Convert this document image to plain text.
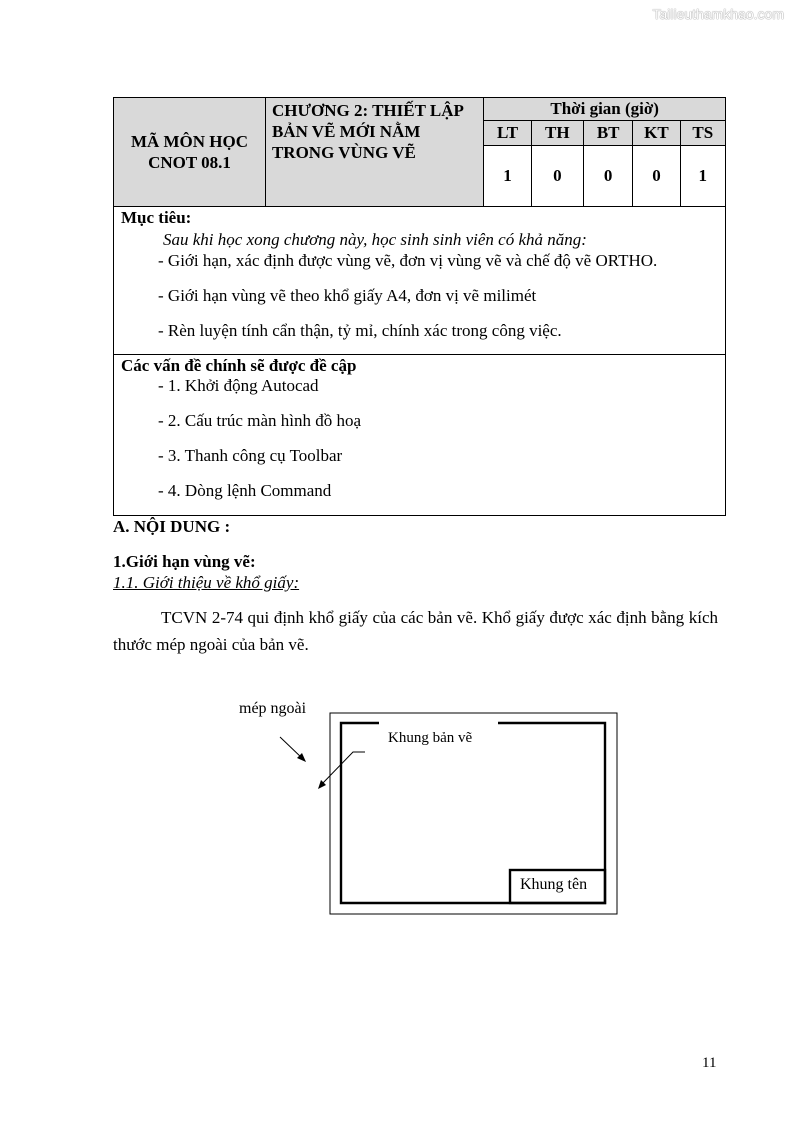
Tailieuthamkhao.com
MÃ MÔN HỌC
CNOT 08.1	CHƯƠNG 2: THIẾT LẬP BẢN VẼ MỚI NẰM TRONG VÙNG VẼ	Thời gian (giờ)				
		LT	TH	BT	KT	TS
		1	0	0	0	1
Mục tiêu:
Sau khi học xong chương này, học sinh sinh viên có khả năng:
- Giới hạn, xác định được vùng vẽ, đơn vị vùng vẽ và chế độ vẽ ORTHO.
- Giới hạn vùng vẽ theo khổ giấy A4, đơn vị vẽ milimét
- Rèn luyện tính cẩn thận, tỷ mỉ, chính xác trong công việc.
Các vấn đề chính sẽ được đề cập
- 1. Khởi động Autocad
- 2. Cấu trúc màn hình đồ hoạ
- 3. Thanh công cụ Toolbar
- 4. Dòng lệnh Command
A. NỘI DUNG :
1.Giới hạn vùng vẽ:
1.1. Giới thiệu về khổ giấy:
TCVN 2-74 qui định khổ giấy của các bản vẽ. Khổ giấy được xác định bằng kích thước mép ngoài của bản vẽ.
mép ngoài
Khung bản vẽ
Khung tên
11
